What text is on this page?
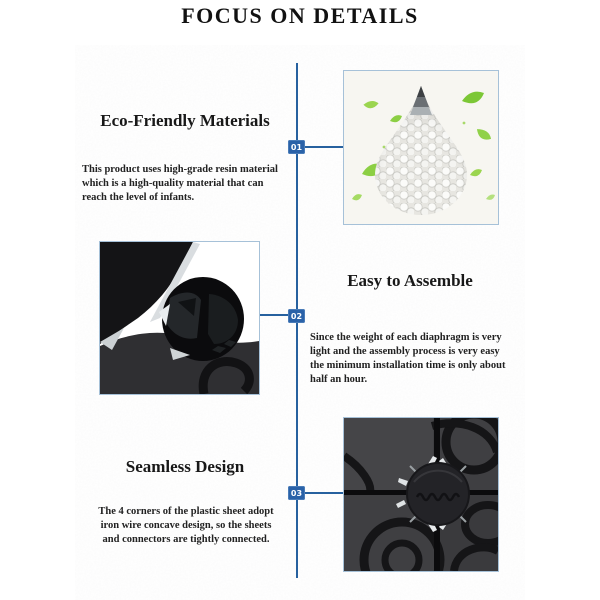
FOCUS ON DETAILS
01
02
03
Eco-Friendly Materials
This product uses high-grade resin material
which is a high-quality material that can
reach the level of infants.
Easy to Assemble
Since the weight of each diaphragm is very
light and the assembly process is very easy
the minimum installation time is only about
half an hour.
Seamless Design
The 4 corners of the plastic sheet adopt
iron wire concave design, so the sheets
and connectors are tightly connected.
